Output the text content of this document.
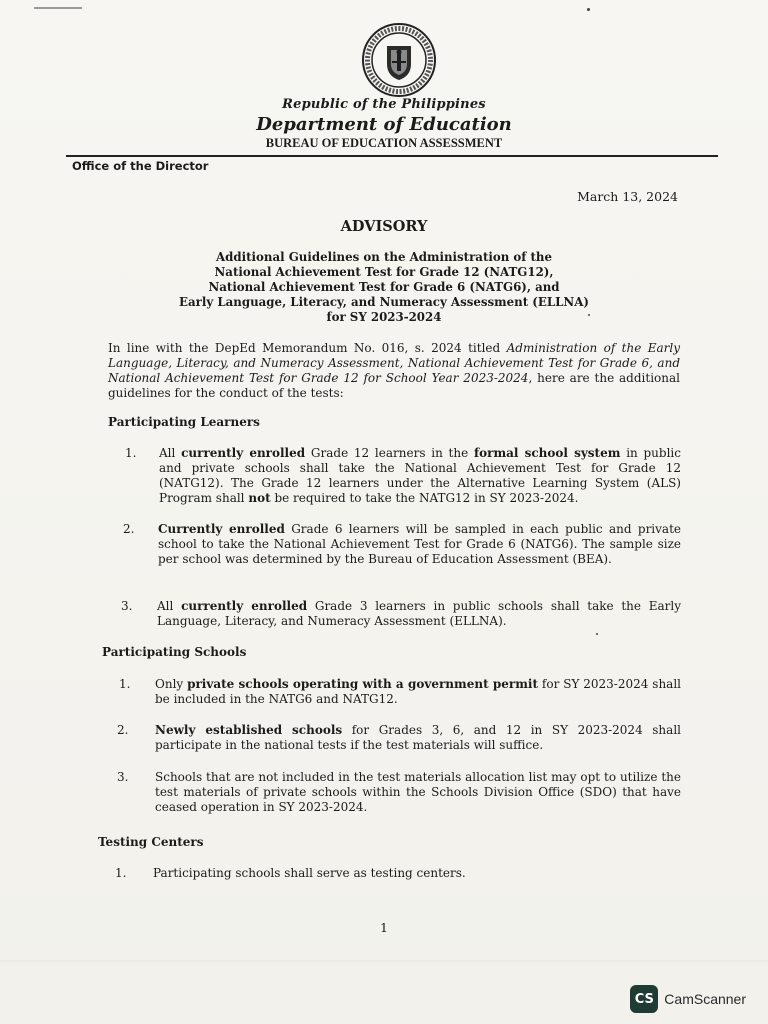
Republic of the Philippines
Department of Education
BUREAU OF EDUCATION ASSESSMENT
Office of the Director
March 13, 2024
ADVISORY
Additional Guidelines on the Administration of the
National Achievement Test for Grade 12 (NATG12),
National Achievement Test for Grade 6 (NATG6), and
Early Language, Literacy, and Numeracy Assessment (ELLNA)
for SY 2023-2024
In line with the DepEd Memorandum No. 016, s. 2024 titled Administration of the Early Language, Literacy, and Numeracy Assessment, National Achievement Test for Grade 6, and National Achievement Test for Grade 12 for School Year 2023-2024, here are the additional guidelines for the conduct of the tests:
Participating Learners
1. All currently enrolled Grade 12 learners in the formal school system in public and private schools shall take the National Achievement Test for Grade 12 (NATG12). The Grade 12 learners under the Alternative Learning System (ALS) Program shall not be required to take the NATG12 in SY 2023-2024.
2. Currently enrolled Grade 6 learners will be sampled in each public and private school to take the National Achievement Test for Grade 6 (NATG6). The sample size per school was determined by the Bureau of Education Assessment (BEA).
3. All currently enrolled Grade 3 learners in public schools shall take the Early Language, Literacy, and Numeracy Assessment (ELLNA).
Participating Schools
1. Only private schools operating with a government permit for SY 2023-2024 shall be included in the NATG6 and NATG12.
2. Newly established schools for Grades 3, 6, and 12 in SY 2023-2024 shall participate in the national tests if the test materials will suffice.
3. Schools that are not included in the test materials allocation list may opt to utilize the test materials of private schools within the Schools Division Office (SDO) that have ceased operation in SY 2023-2024.
Testing Centers
1. Participating schools shall serve as testing centers.
1
CS CamScanner
